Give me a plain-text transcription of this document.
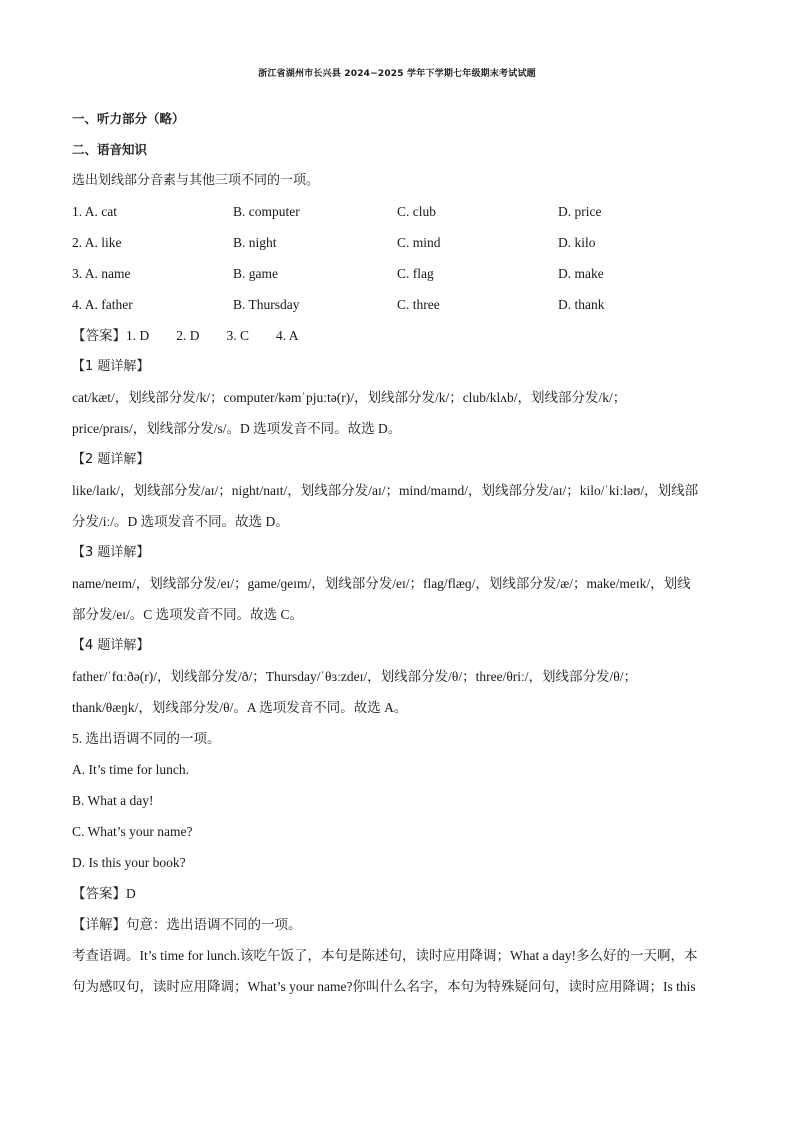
浙江省湖州市长兴县 2024−2025 学年下学期七年级期末考试试题
一、听力部分（略）
二、语音知识
选出划线部分音素与其他三项不同的一项。
1. A. cat	B. computer	C. club	D. price
2. A. like	B. night	C. mind	D. kilo
3. A. name	B. game	C. flag	D. make
4. A. father	B. Thursday	C. three	D. thank
【答案】1. D        2. D        3. C        4. A
【1 题详解】
cat/kæt/，划线部分发/k/；computer/kəmˈpjuːtə(r)/，划线部分发/k/；club/klʌb/，划线部分发/k/；
price/praɪs/，划线部分发/s/。D 选项发音不同。故选 D。
【2 题详解】
like/laɪk/，划线部分发/aɪ/；night/naɪt/，划线部分发/aɪ/；mind/maɪnd/，划线部分发/aɪ/；kilo/ˈkiːləʊ/，划线部
分发/iː/。D 选项发音不同。故选 D。
【3 题详解】
name/neɪm/，划线部分发/eɪ/；game/ɡeɪm/，划线部分发/eɪ/；flag/flæɡ/，划线部分发/æ/；make/meɪk/，划线
部分发/eɪ/。C 选项发音不同。故选 C。
【4 题详解】
father/ˈfɑːðə(r)/，划线部分发/ð/；Thursday/ˈθɜːzdeɪ/，划线部分发/θ/；three/θriː/，划线部分发/θ/；
thank/θæŋk/，划线部分发/θ/。A 选项发音不同。故选 A。
5. 选出语调不同的一项。
A. It’s time for lunch.
B. What a day!
C. What’s your name?
D. Is this your book?
【答案】D
【详解】句意：选出语调不同的一项。
考查语调。It’s time for lunch.该吃午饭了，本句是陈述句，读时应用降调；What a day!多么好的一天啊，本
句为感叹句，读时应用降调；What’s your name?你叫什么名字，本句为特殊疑问句，读时应用降调；Is this
